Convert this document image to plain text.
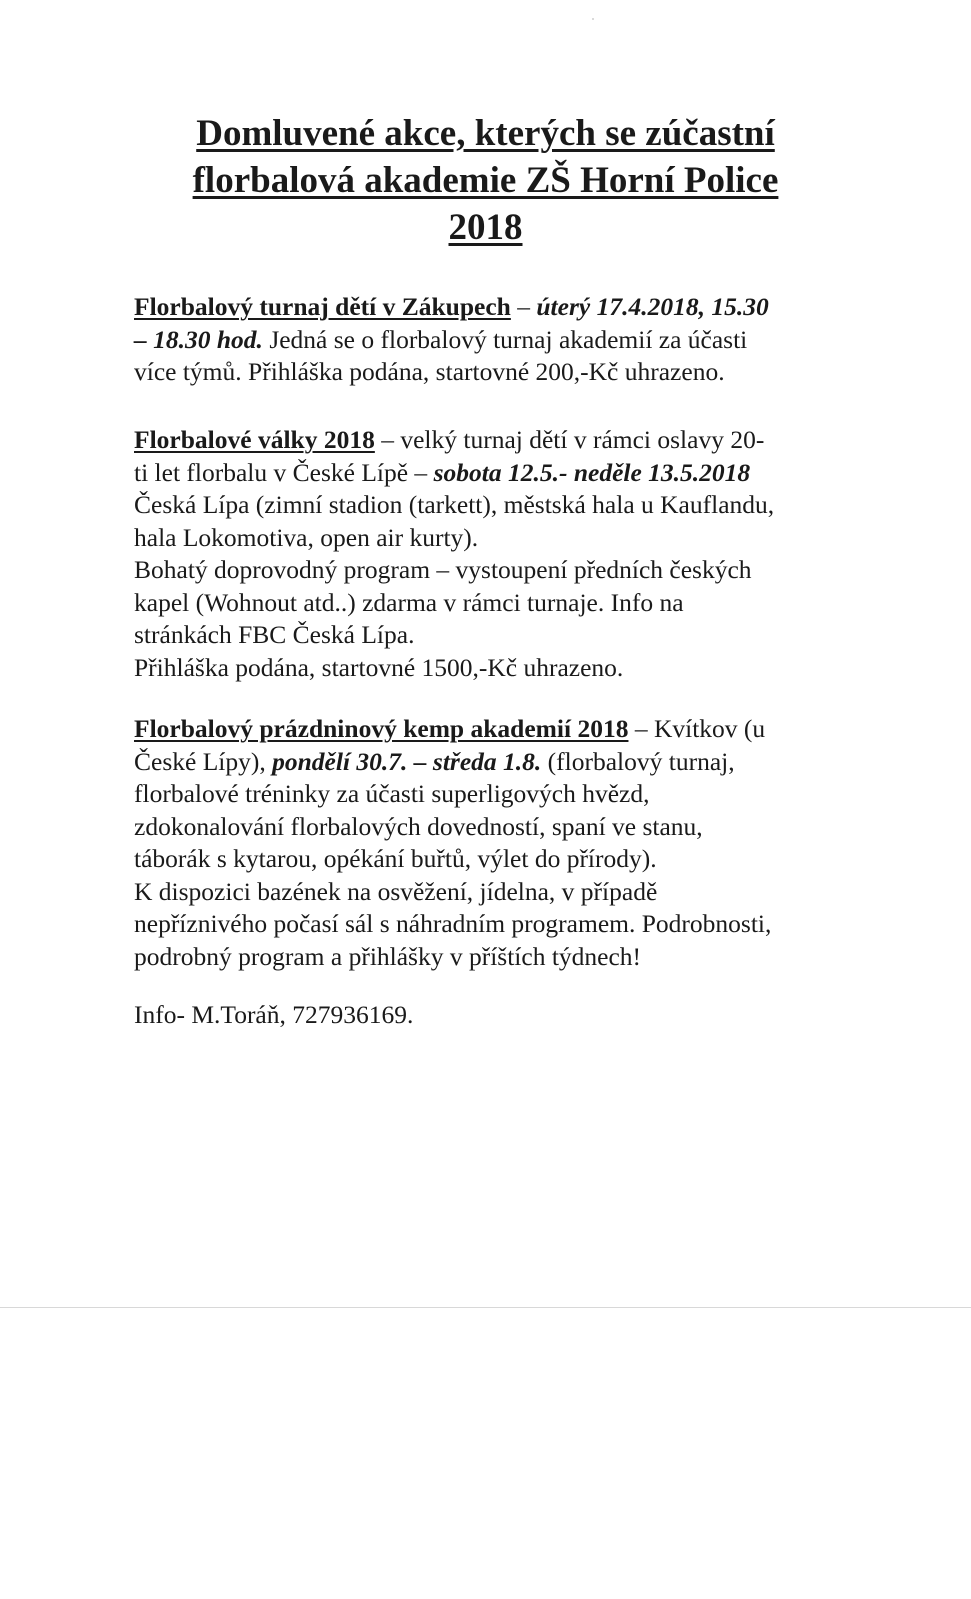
Domluvené akce, kterých se zúčastní
florbalová akademie ZŠ Horní Police
2018
Florbalový turnaj dětí v Zákupech – úterý 17.4.2018, 15.30
– 18.30 hod. Jedná se o florbalový turnaj akademií za účasti
více týmů. Přihláška podána, startovné 200,-Kč uhrazeno.
Florbalové války 2018 – velký turnaj dětí v rámci oslavy 20-
ti let florbalu v České Lípě – sobota 12.5.- neděle 13.5.2018
Česká Lípa (zimní stadion (tarkett), městská hala u Kauflandu,
hala Lokomotiva, open air kurty).
Bohatý doprovodný program – vystoupení předních českých
kapel (Wohnout atd..) zdarma v rámci turnaje. Info na
stránkách FBC Česká Lípa.
Přihláška podána, startovné 1500,-Kč uhrazeno.
Florbalový prázdninový kemp akademií 2018 – Kvítkov (u
České Lípy), pondělí 30.7. – středa 1.8. (florbalový turnaj,
florbalové tréninky za účasti superligových hvězd,
zdokonalování florbalových dovedností, spaní ve stanu,
táborák s kytarou, opékání buřtů, výlet do přírody).
K dispozici bazének na osvěžení, jídelna, v případě
nepříznivého počasí sál s náhradním programem. Podrobnosti,
podrobný program a přihlášky v příštích týdnech!
Info- M.Toráň, 727936169.
